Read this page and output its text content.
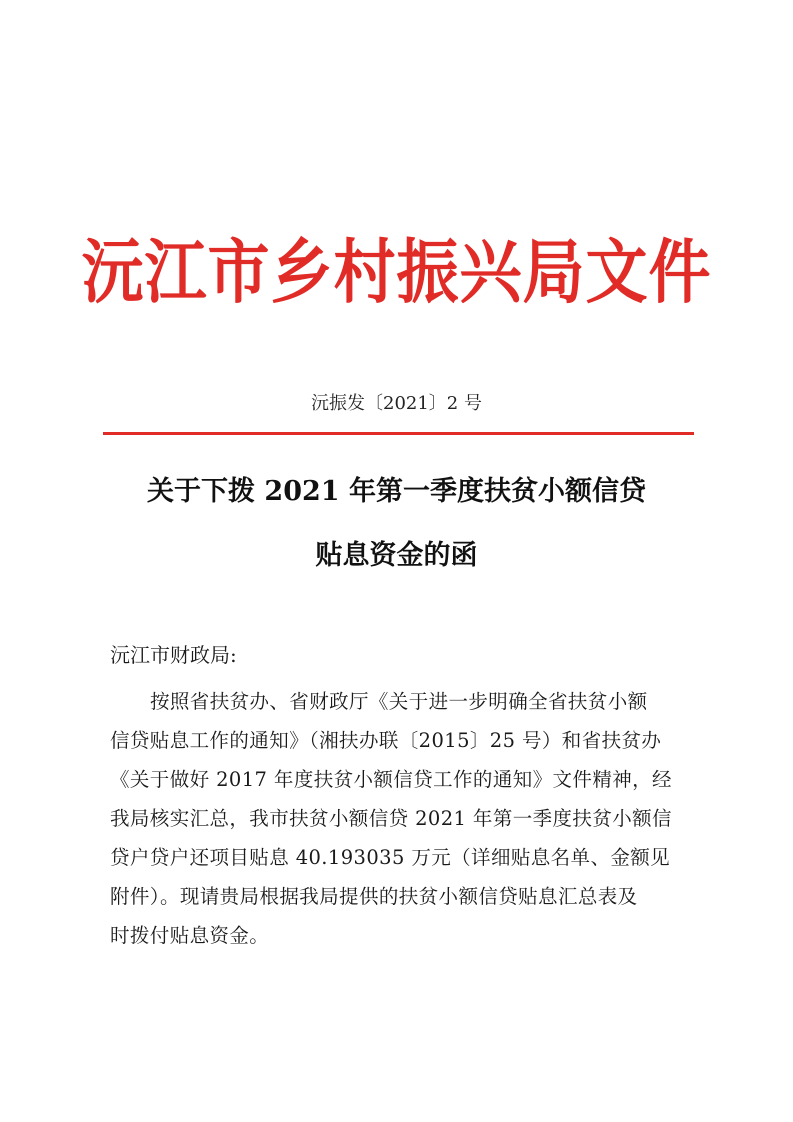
沅江市乡村振兴局文件
沅振发〔2021〕2 号
关于下拨 2021 年第一季度扶贫小额信贷
贴息资金的函
沅江市财政局:
按照省扶贫办、省财政厅《关于进一步明确全省扶贫小额
信贷贴息工作的通知》（湘扶办联〔2015〕25 号）和省扶贫办
《关于做好 2017 年度扶贫小额信贷工作的通知》文件精神，经
我局核实汇总，我市扶贫小额信贷 2021 年第一季度扶贫小额信
贷户贷户还项目贴息 40.193035 万元（详细贴息名单、金额见
附件）。现请贵局根据我局提供的扶贫小额信贷贴息汇总表及
时拨付贴息资金。
